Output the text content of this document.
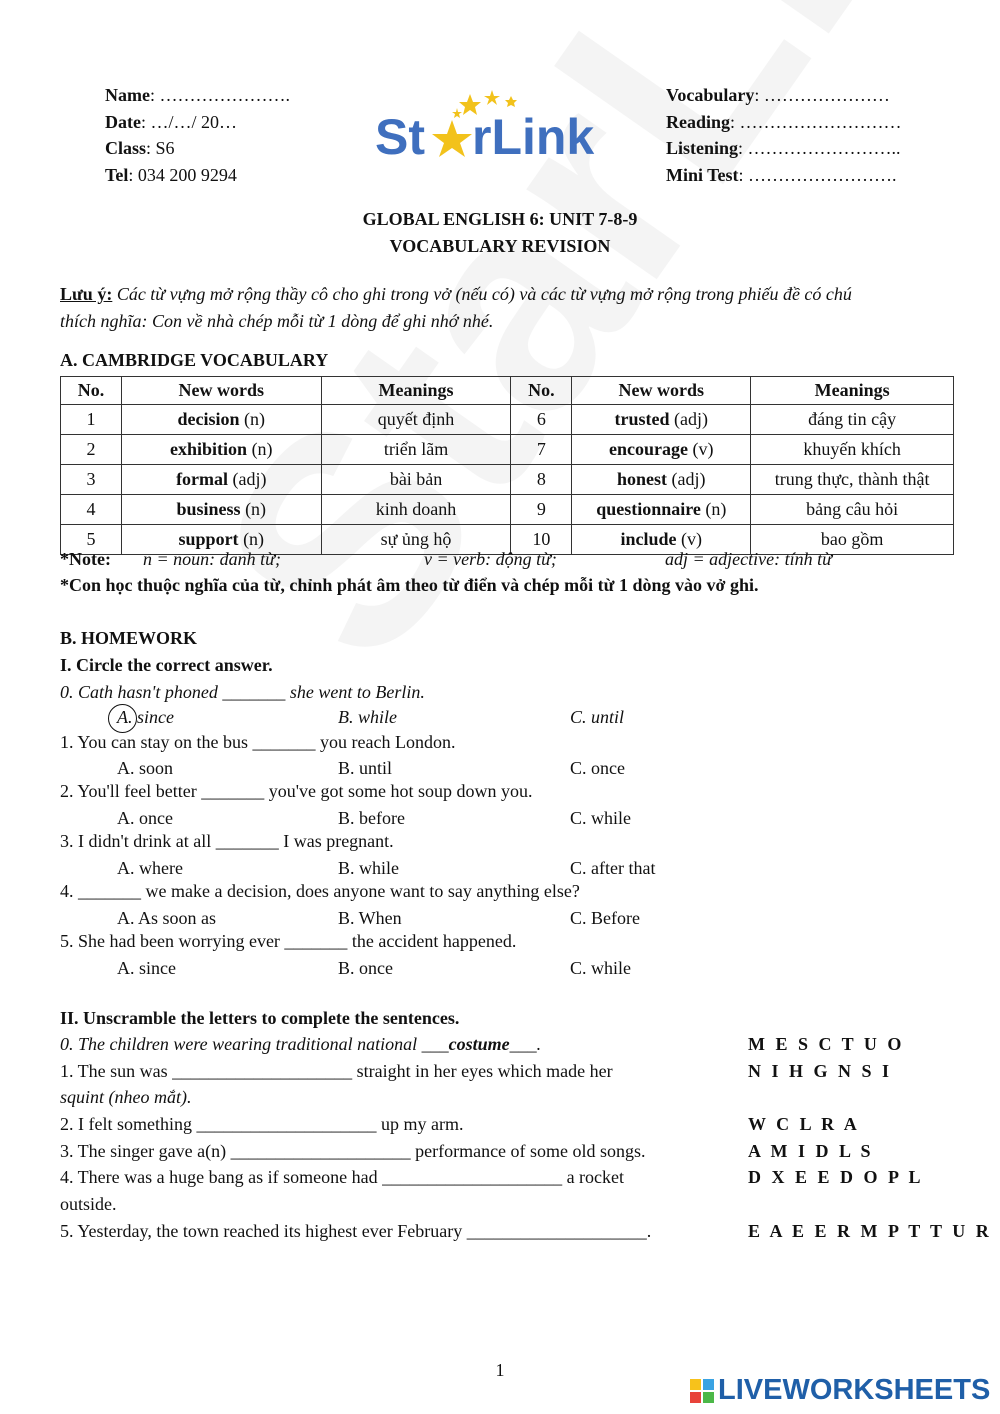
Name: ………………….
Date: …/…/ 20…
Class: S6
Tel: 034 200 9294
St rLink
Vocabulary: …………………
Reading: ………………………
Listening: ……………………..
Mini Test: …………………….
GLOBAL ENGLISH 6: UNIT 7-8-9
VOCABULARY REVISION
Lưu ý: Các từ vựng mở rộng thầy cô cho ghi trong vở (nếu có) và các từ vựng mở rộng trong phiếu đề có chú
thích nghĩa: Con về nhà chép mỗi từ 1 dòng để ghi nhớ nhé.
A. CAMBRIDGE VOCABULARY
No.	New words	Meanings	No.	New words	Meanings
1	decision (n)	quyết định	6	trusted (adj)	đáng tin cậy
2	exhibition (n)	triển lãm	7	encourage (v)	khuyến khích
3	formal (adj)	bài bản	8	honest (adj)	trung thực, thành thật
4	business (n)	kinh doanh	9	questionnaire (n)	bảng câu hỏi
5	support (n)	sự ủng hộ	10	include (v)	bao gồm
*Note: n = noun: danh từ;	v = verb: động từ;	adj = adjective: tính từ
*Con học thuộc nghĩa của từ, chỉnh phát âm theo từ điển và chép mỗi từ 1 dòng vào vở ghi.
B. HOMEWORK
I. Circle the correct answer.
0. Cath hasn't phoned _______ she went to Berlin.
A. since	B. while	C. until
1. You can stay on the bus _______ you reach London.
A. soon	B. until	C. once
2. You'll feel better _______ you've got some hot soup down you.
A. once	B. before	C. while
3. I didn't drink at all _______ I was pregnant.
A. where	B. while	C. after that
4. _______ we make a decision, does anyone want to say anything else?
A. As soon as	B. When	C. Before
5. She had been worrying ever _______ the accident happened.
A. since	B. once	C. while
II. Unscramble the letters to complete the sentences.
0. The children were wearing traditional national ___costume___.	M E S C T U O
1. The sun was ____________________ straight in her eyes which made her
squint (nheo mắt).
N I H G N S I
2. I felt something ____________________ up my arm.	W C L R A
3. The singer gave a(n) ____________________ performance of some old songs.	A M I D L S
4. There was a huge bang as if someone had ____________________ a rocket
outside.
D X E E D O P L
5. Yesterday, the town reached its highest ever February ____________________.	E A E E R M P T T U R
1
LIVEWORKSHEETS
